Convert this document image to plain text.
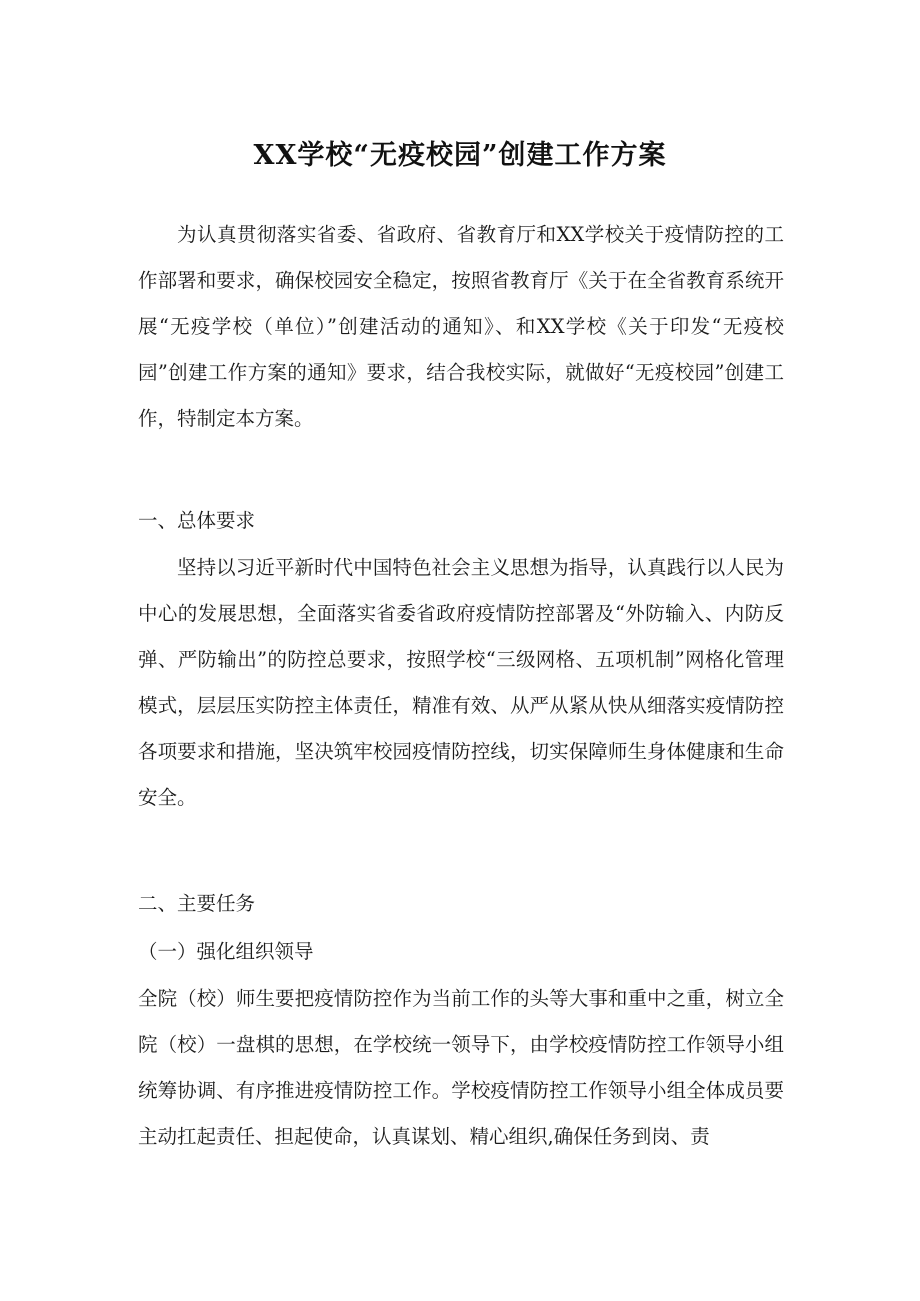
XX学校“无疫校园”创建工作方案

为认真贯彻落实省委、省政府、省教育厅和XX学校关于疫情防控的工作部署和要求，确保校园安全稳定，按照省教育厅《关于在全省教育系统开展“无疫学校（单位）”创建活动的通知》、和XX学校《关于印发“无疫校园”创建工作方案的通知》要求，结合我校实际，就做好“无疫校园”创建工作，特制定本方案。

一、总体要求

坚持以习近平新时代中国特色社会主义思想为指导，认真践行以人民为中心的发展思想，全面落实省委省政府疫情防控部署及“外防输入、内防反弹、严防输出”的防控总要求，按照学校“三级网格、五项机制”网格化管理模式，层层压实防控主体责任，精准有效、从严从紧从快从细落实疫情防控各项要求和措施，坚决筑牢校园疫情防控线，切实保障师生身体健康和生命安全。

二、主要任务

（一）强化组织领导

全院（校）师生要把疫情防控作为当前工作的头等大事和重中之重，树立全院（校）一盘棋的思想，在学校统一领导下，由学校疫情防控工作领导小组统筹协调、有序推进疫情防控工作。学校疫情防控工作领导小组全体成员要主动扛起责任、担起使命，认真谋划、精心组织,确保任务到岗、责
